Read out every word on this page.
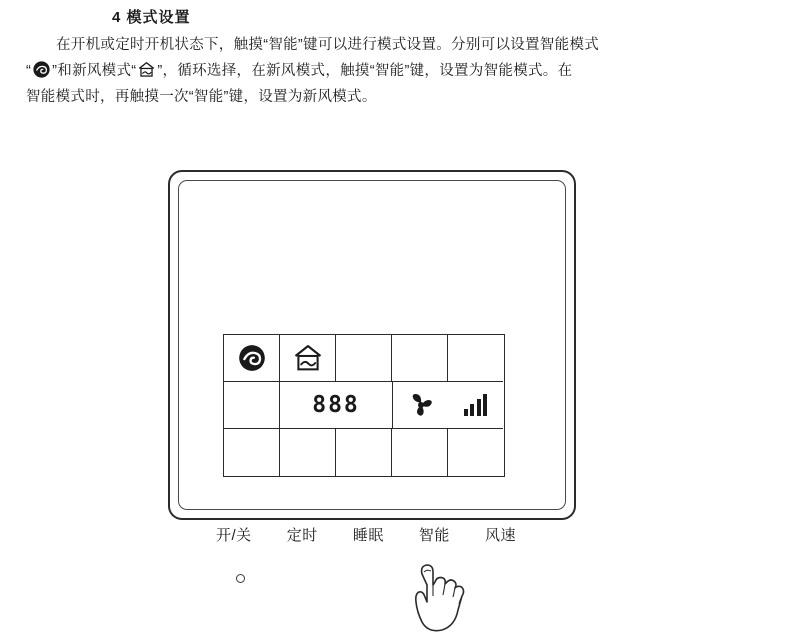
4 模式设置
在开机或定时开机状态下，触摸“智能”键可以进行模式设置。分别可以设置智能模式
“ ”和新风模式“ ”，循环选择，在新风模式，触摸“智能”键，设置为智能模式。在
智能模式时，再触摸一次“智能”键，设置为新风模式。
888
开/关 定时 睡眠 智能 风速
